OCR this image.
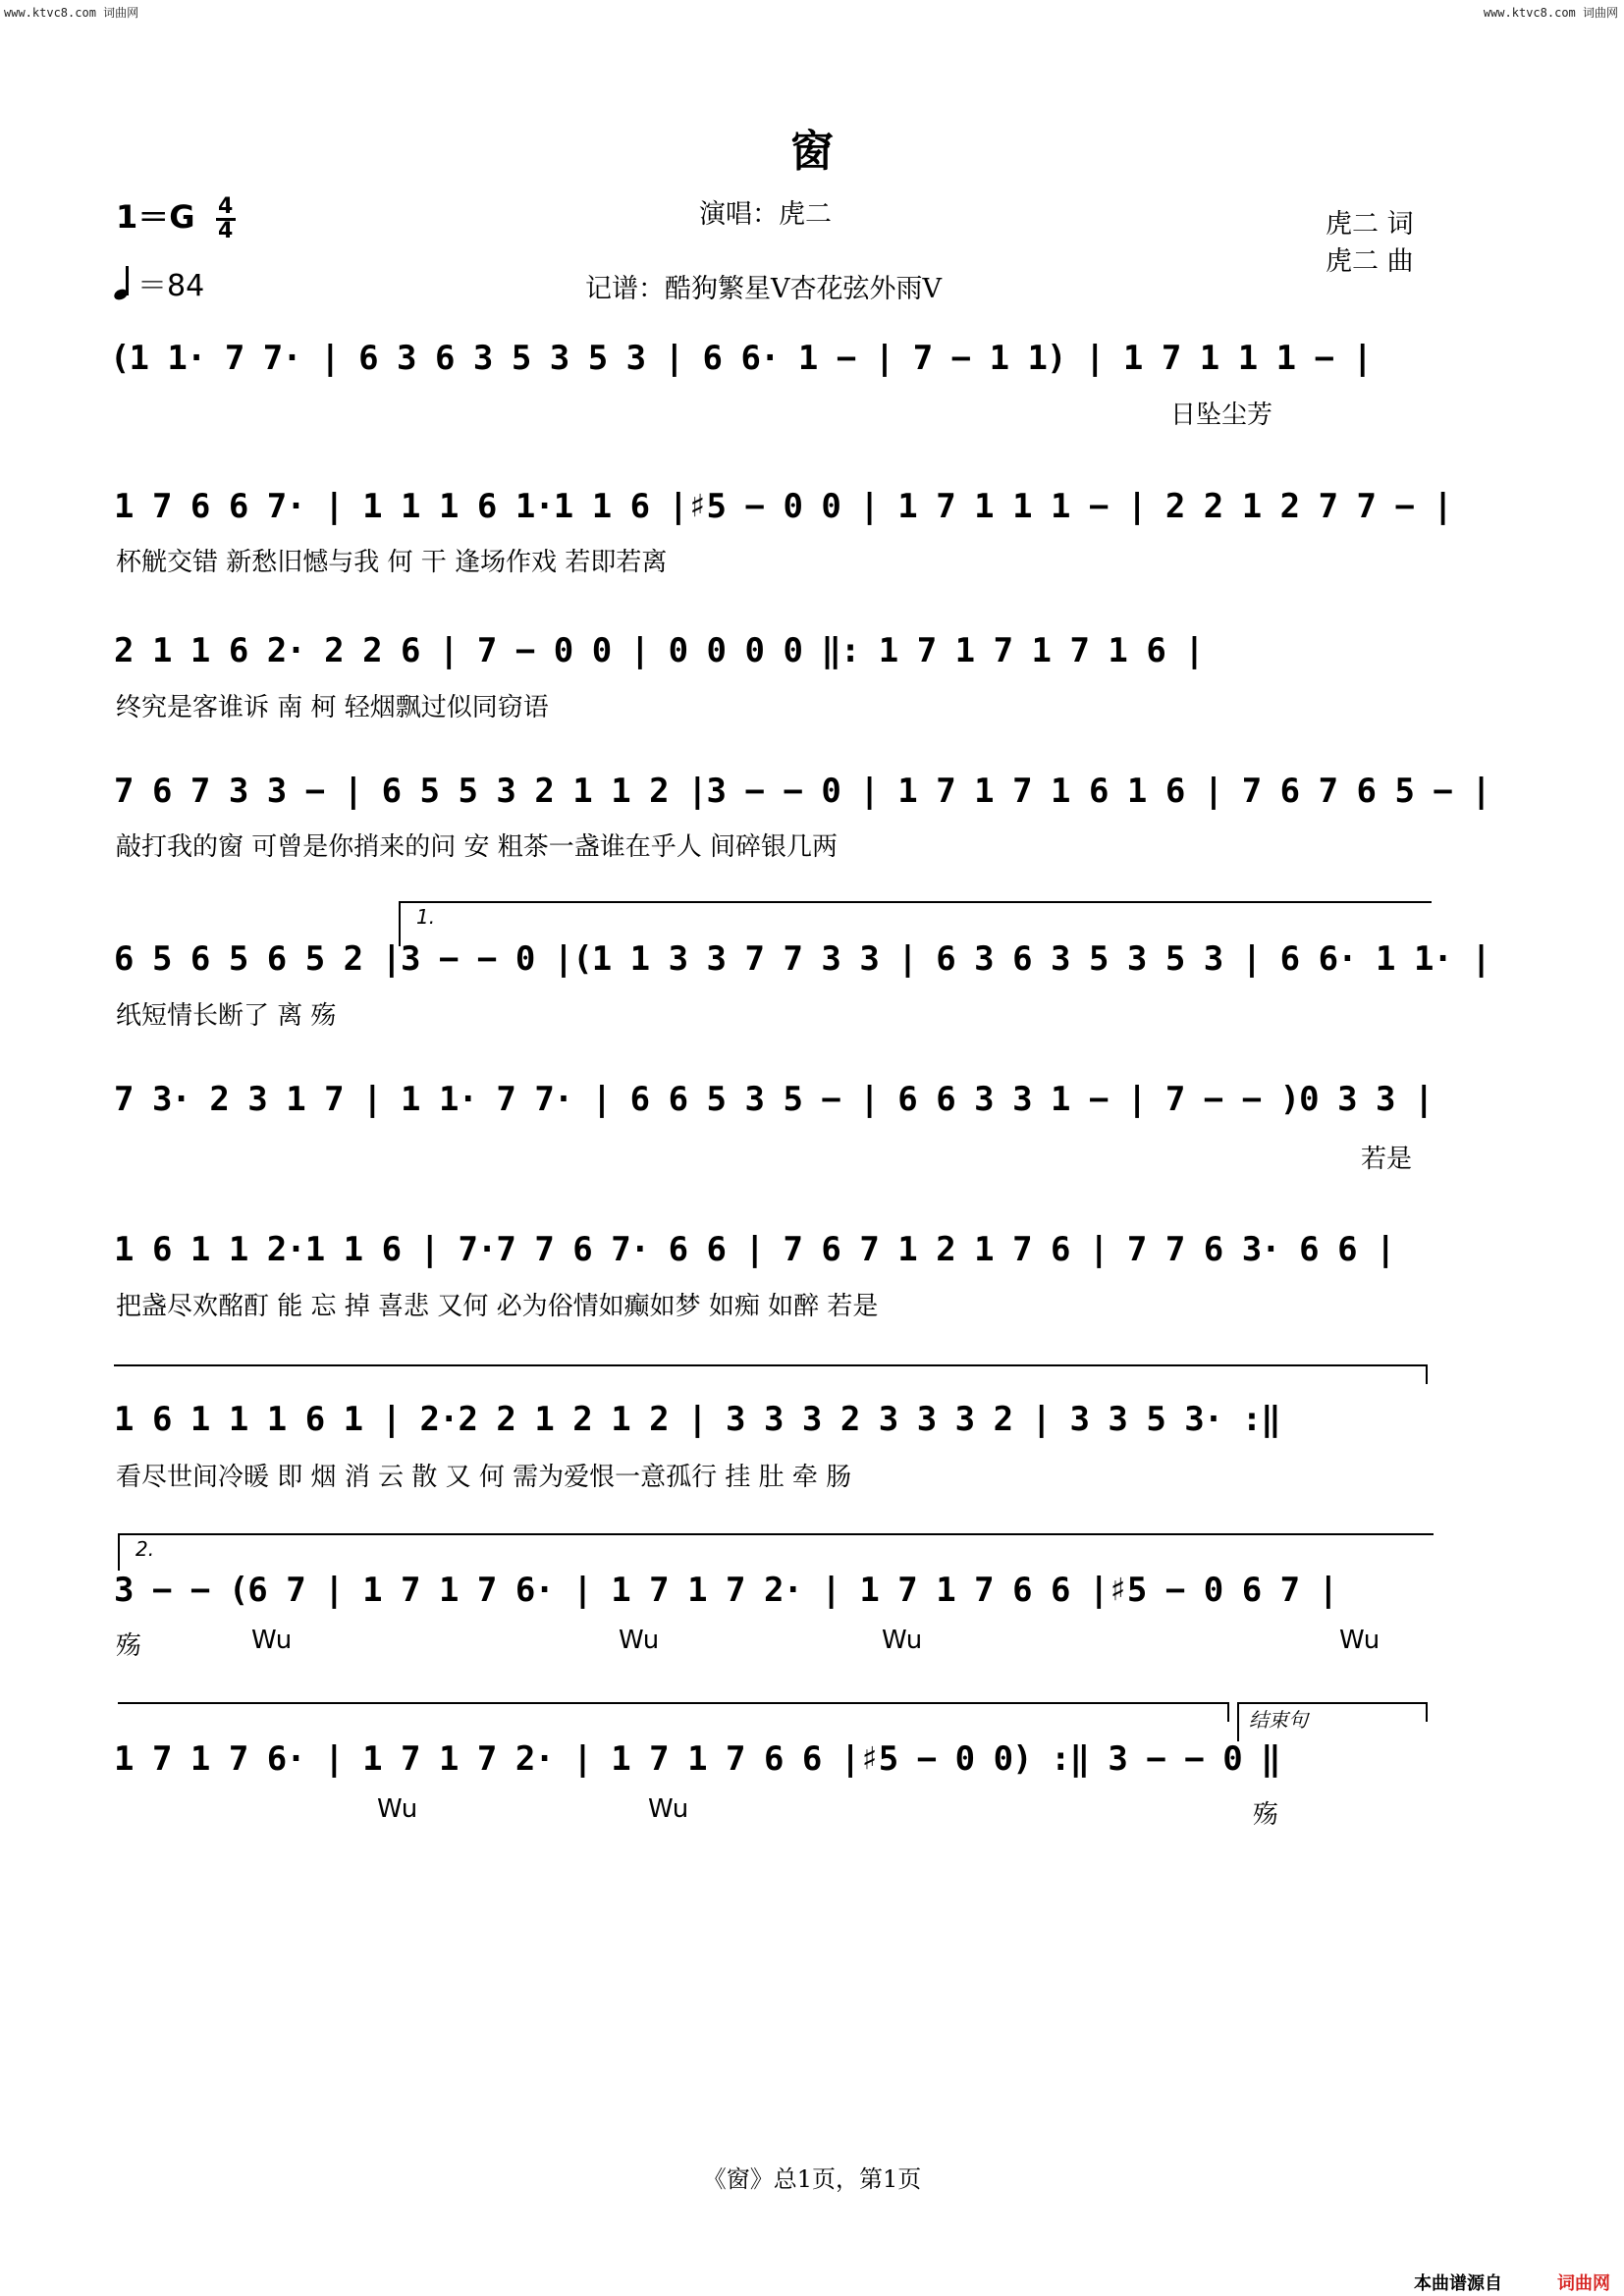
www.ktvc8.com 词曲网	www.ktvc8.com 词曲网
窗
$1=G \frac{4}{4}$
＝84
演唱：虎二	虎二 词
虎二 曲
记谱：酷狗繁星V杏花弦外雨V
(1 1· 7 7· | 6 3 6 3 5 3 5 3 | 6 6· 1 − | 7 − 1 1) | 1 7 1 1 1 − |
日坠尘芳
1 7 6 6 7· | 1 1 1 6 1·1 1 6 |♯5 − 0 0 | 1 7 1 1 1 − | 2 2 1 2 7 7 − |
杯觥交错 新愁旧憾与我 何 干 逢场作戏 若即若离
2 1 1 6 2· 2 2 6 | 7 − 0 0 | 0 0 0 0 ‖: 1 7 1 7 1 7 1 6 |
终究是客谁诉 南 柯 轻烟飘过似同窃语
7 6 7 3 3 − | 6 5 5 3 2 1 1 2 |3 − − 0 | 1 7 1 7 1 6 1 6 | 7 6 7 6 5 − |
敲打我的窗 可曾是你捎来的问 安 粗茶一盏谁在乎人 间碎银几两
1.
6 5 6 5 6 5 2 |3 − − 0 |(1 1 3 3 7 7 3 3 | 6 3 6 3 5 3 5 3 | 6 6· 1 1· |
纸短情长断了 离 殇
7 3· 2 3 1 7 | 1 1· 7 7· | 6 6 5 3 5 − | 6 6 3 3 1 − | 7 − − )0 3 3 |
若是
1 6 1 1 2·1 1 6 | 7·7 7 6 7· 6 6 | 7 6 7 1 2 1 7 6 | 7 7 6 3· 6 6 |
把盏尽欢酩酊 能 忘 掉 喜悲 又何 必为俗情如癫如梦 如痴 如醉 若是
1 6 1 1 1 6 1 | 2·2 2 1 2 1 2 | 3 3 3 2 3 3 3 2 | 3 3 5 3· :‖
看尽世间冷暖 即 烟 消 云 散 又 何 需为爱恨一意孤行 挂 肚 牵 肠
2.
3 − − (6 7 | 1 7 1 7 6· | 1 7 1 7 2· | 1 7 1 7 6 6 |♯5 − 0 6 7 |
殇	Wu	Wu	Wu	Wu
结束句
1 7 1 7 6· | 1 7 1 7 2· | 1 7 1 7 6 6 |♯5 − 0 0) :‖ 3 − − 0 ‖
Wu	Wu	殇
《窗》总1页，第1页
本曲谱源自	词曲网
